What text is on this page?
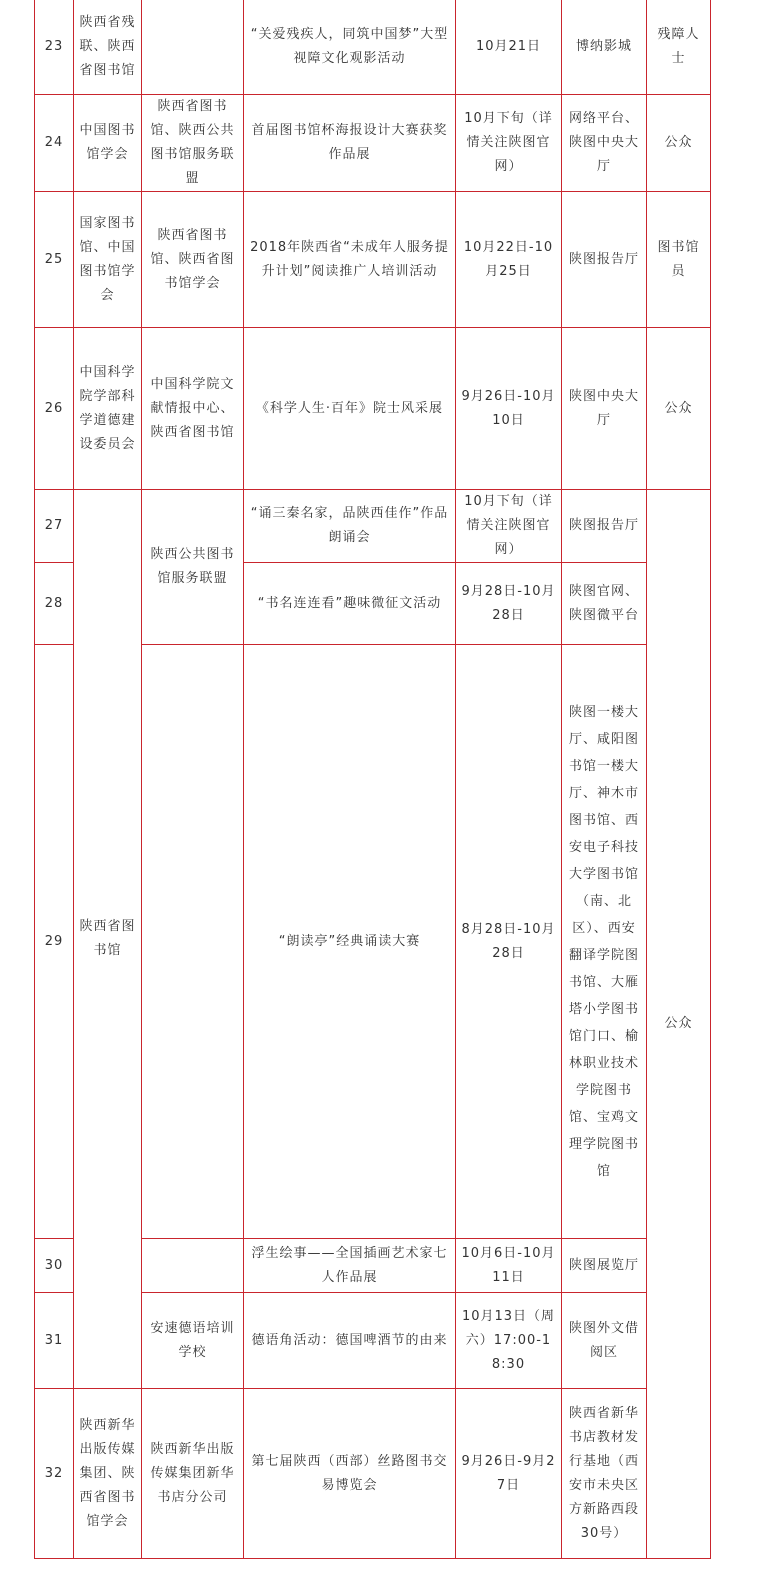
23	陕西省残联、陕西省图书馆		“关爱残疾人，同筑中国梦”大型视障文化观影活动	10月21日	博纳影城	残障人士
24	中国图书馆学会	陕西省图书馆、陕西公共图书馆服务联盟	首届图书馆杯海报设计大赛获奖作品展	10月下旬（详情关注陕图官网）	网络平台、陕图中央大厅	公众
25	国家图书馆、中国图书馆学会	陕西省图书馆、陕西省图书馆学会	2018年陕西省“未成年人服务提升计划”阅读推广人培训活动	10月22日-10月25日	陕图报告厅	图书馆员
26	中国科学院学部科学道德建设委员会	中国科学院文献情报中心、陕西省图书馆	《科学人生·百年》院士风采展	9月26日-10月10日	陕图中央大厅	公众
27	陕西省图书馆	陕西公共图书馆服务联盟	“诵三秦名家，品陕西佳作”作品朗诵会	10月下旬（详情关注陕图官网）	陕图报告厅	公众
28			“书名连连看”趣味微征文活动	9月28日-10月28日	陕图官网、陕图微平台	
29			“朗读亭”经典诵读大赛	8月28日-10月28日	陕图一楼大厅、咸阳图书馆一楼大厅、神木市图书馆、西安电子科技大学图书馆（南、北区）、西安翻译学院图书馆、大雁塔小学图书馆门口、榆林职业技术学院图书馆、宝鸡文理学院图书馆	
30			浮生绘事——全国插画艺术家七人作品展	10月6日-10月11日	陕图展览厅	
31		安速德语培训学校	德语角活动：德国啤酒节的由来	10月13日（周六）17:00-18:30	陕图外文借阅区	
32	陕西新华出版传媒集团、陕西省图书馆学会	陕西新华出版传媒集团新华书店分公司	第七届陕西（西部）丝路图书交易博览会	9月26日-9月27日	陕西省新华书店教材发行基地（西安市未央区方新路西段30号）	
